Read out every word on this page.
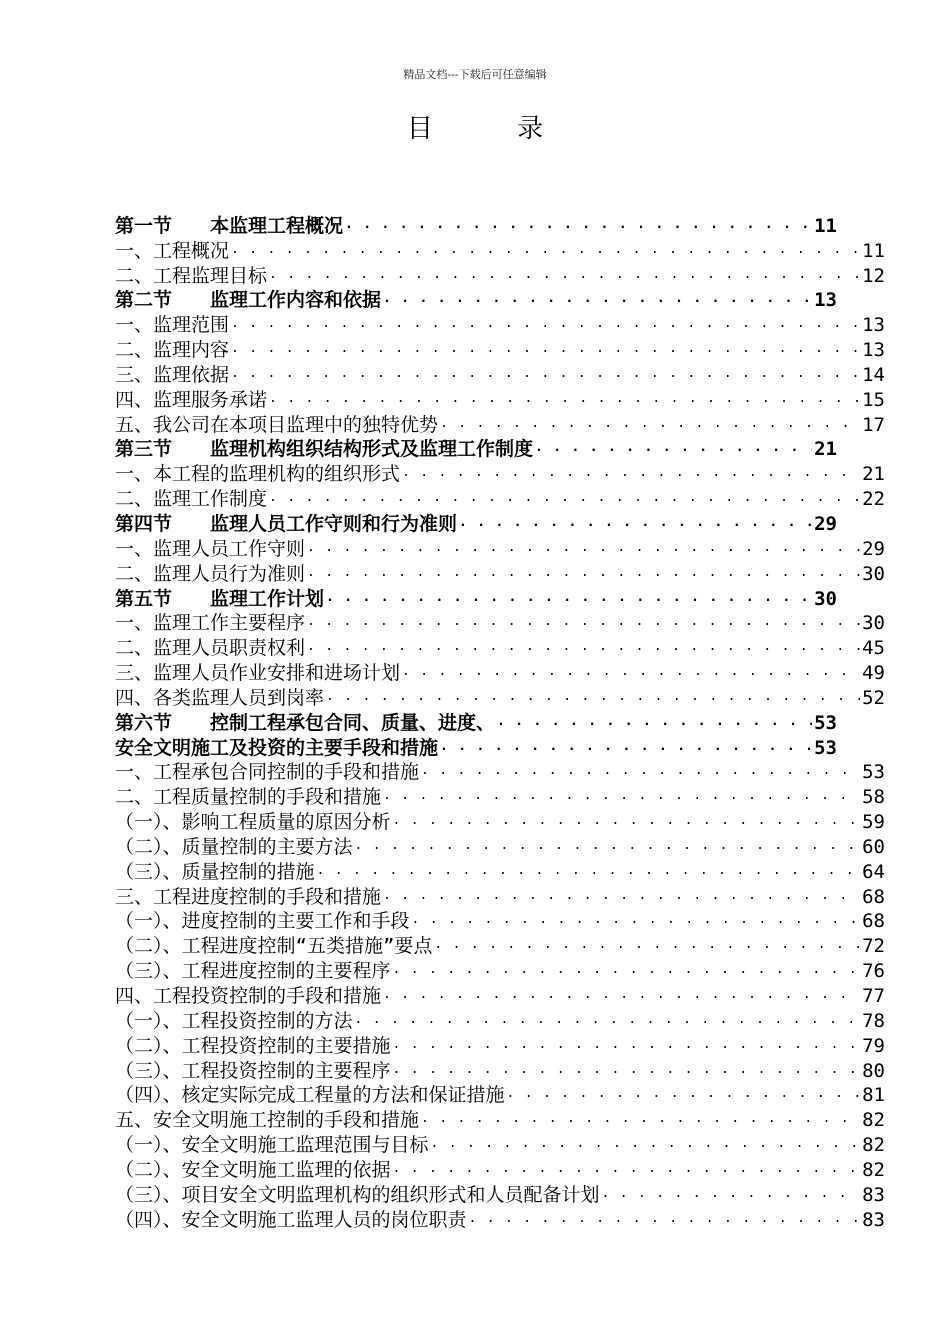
精品文档---下载后可任意编辑
目 录
第一节　　本监理工程概况 . . .	11
一、工程概况 . . .	11
二、工程监理目标 . . .	12
第二节　　监理工作内容和依据 . . .	13
一、监理范围 . . .	13
二、监理内容 . . .	13
三、监理依据 . . .	14
四、监理服务承诺 . . .	15
五、我公司在本项目监理中的独特优势 . . .	17
第三节　　监理机构组织结构形式及监理工作制度 . . .	21
一、本工程的监理机构的组织形式 . . .	21
二、监理工作制度 . . .	22
第四节　　监理人员工作守则和行为准则 . . .	29
一、监理人员工作守则 . . .	29
二、监理人员行为准则 . . .	30
第五节　　监理工作计划 . . .	30
一、监理工作主要程序 . . .	30
二、监理人员职责权利 . . .	45
三、监理人员作业安排和进场计划 . . .	49
四、各类监理人员到岗率 . . .	52
第六节　　控制工程承包合同、质量、进度、 . . .	53
安全文明施工及投资的主要手段和措施 . . .	53
一、工程承包合同控制的手段和措施 . . .	53
二、工程质量控制的手段和措施 . . .	58
（一）、影响工程质量的原因分析 . . .	59
（二）、质量控制的主要方法 . . .	60
（三）、质量控制的措施 . . .	64
三、工程进度控制的手段和措施 . . .	68
（一）、进度控制的主要工作和手段 . . .	68
（二）、工程进度控制“五类措施”要点 . . .	72
（三）、工程进度控制的主要程序 . . .	76
四、工程投资控制的手段和措施 . . .	77
（一）、工程投资控制的方法 . . .	78
（二）、工程投资控制的主要措施 . . .	79
（三）、工程投资控制的主要程序 . . .	80
（四）、核定实际完成工程量的方法和保证措施 . . .	81
五、安全文明施工控制的手段和措施 . . .	82
（一）、安全文明施工监理范围与目标 . . .	82
（二）、安全文明施工监理的依据 . . .	82
（三）、项目安全文明监理机构的组织形式和人员配备计划 . . .	83
（四）、安全文明施工监理人员的岗位职责 . . .	83
